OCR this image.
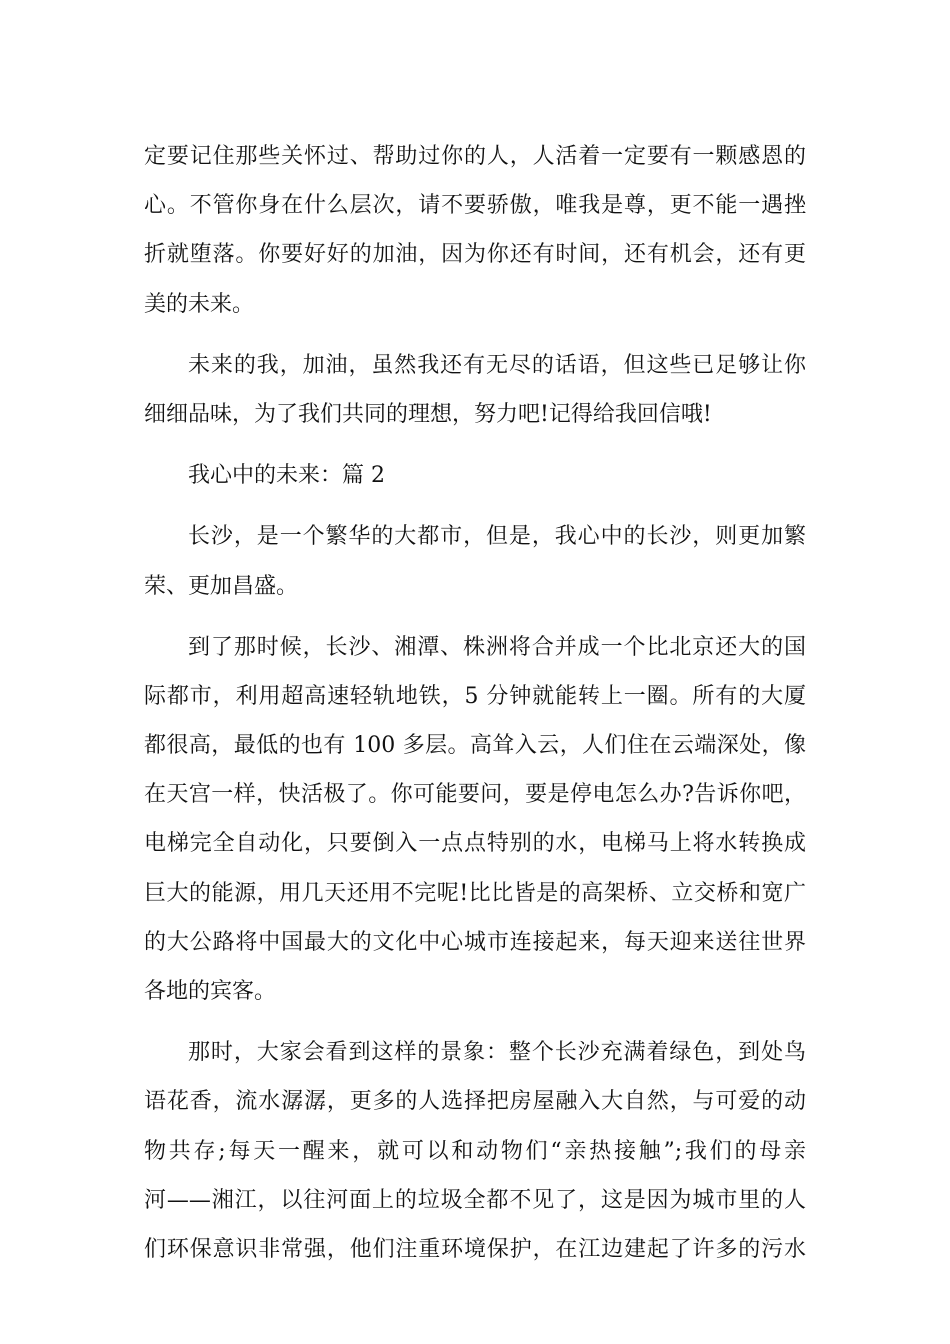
定要记住那些关怀过、帮助过你的人，人活着一定要有一颗感恩的
心。不管你身在什么层次，请不要骄傲，唯我是尊，更不能一遇挫
折就堕落。你要好好的加油，因为你还有时间，还有机会，还有更
美的未来。
未来的我，加油，虽然我还有无尽的话语，但这些已足够让你
细细品味，为了我们共同的理想，努力吧!记得给我回信哦!
我心中的未来：篇 2
长沙，是一个繁华的大都市，但是，我心中的长沙，则更加繁
荣、更加昌盛。
到了那时候，长沙、湘潭、株洲将合并成一个比北京还大的国
际都市，利用超高速轻轨地铁，5 分钟就能转上一圈。所有的大厦
都很高，最低的也有 100 多层。高耸入云，人们住在云端深处，像
在天宫一样，快活极了。你可能要问，要是停电怎么办?告诉你吧，
电梯完全自动化，只要倒入一点点特别的水，电梯马上将水转换成
巨大的能源，用几天还用不完呢!比比皆是的高架桥、立交桥和宽广
的大公路将中国最大的文化中心城市连接起来，每天迎来送往世界
各地的宾客。
那时，大家会看到这样的景象：整个长沙充满着绿色，到处鸟
语花香，流水潺潺，更多的人选择把房屋融入大自然，与可爱的动
物共存;每天一醒来，就可以和动物们“亲热接触”;我们的母亲
河——湘江，以往河面上的垃圾全都不见了，这是因为城市里的人
们环保意识非常强，他们注重环境保护，在江边建起了许多的污水
